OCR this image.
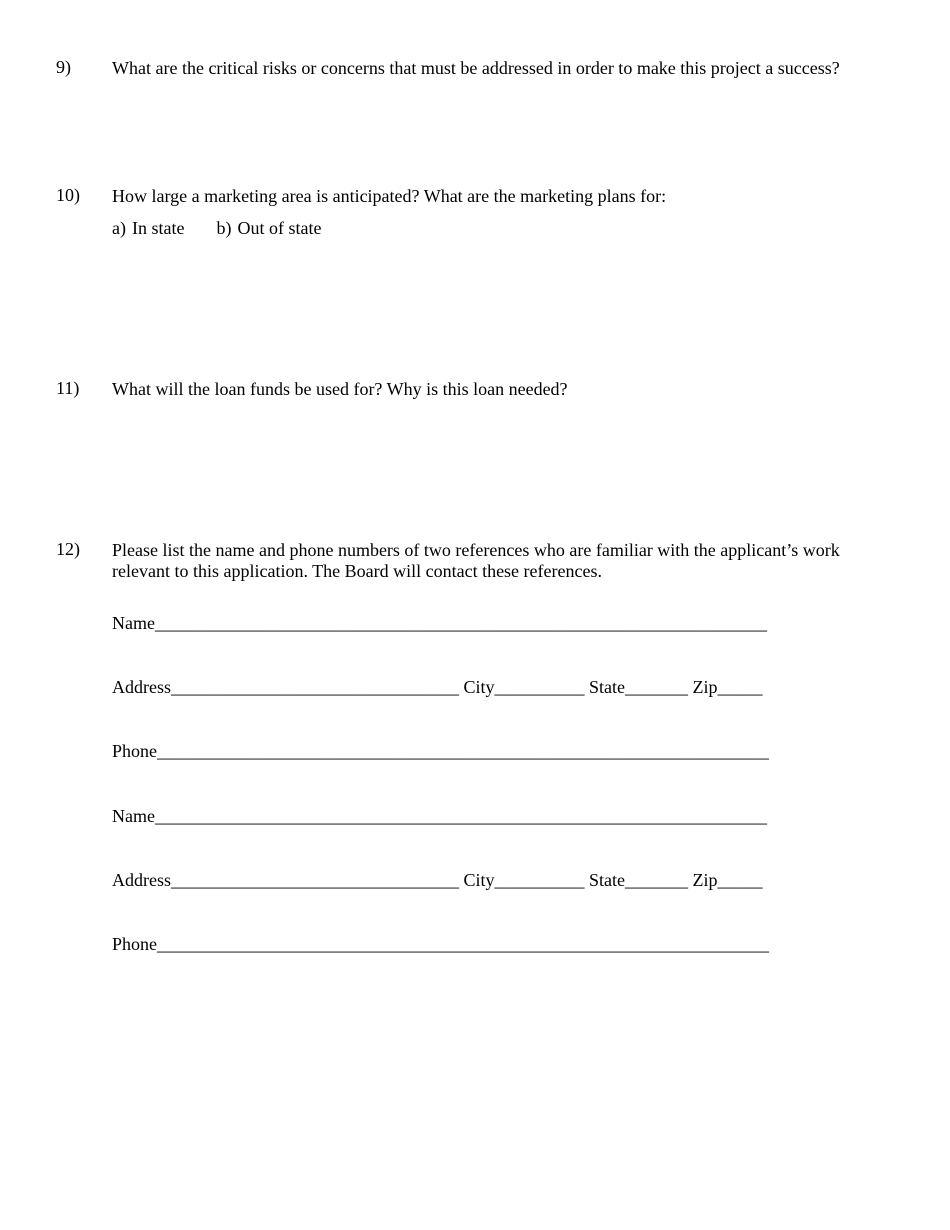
9) What are the critical risks or concerns that must be addressed in order to make this project a success?
10) How large a marketing area is anticipated? What are the marketing plans for:
a) In state b) Out of state
11) What will the loan funds be used for? Why is this loan needed?
12) Please list the name and phone numbers of two references who are familiar with the applicant’s work
relevant to this application. The Board will contact these references.
Name____________________________________________________________________
Address________________________________ City__________ State_______ Zip_____
Phone____________________________________________________________________
Name____________________________________________________________________
Address________________________________ City__________ State_______ Zip_____
Phone____________________________________________________________________
